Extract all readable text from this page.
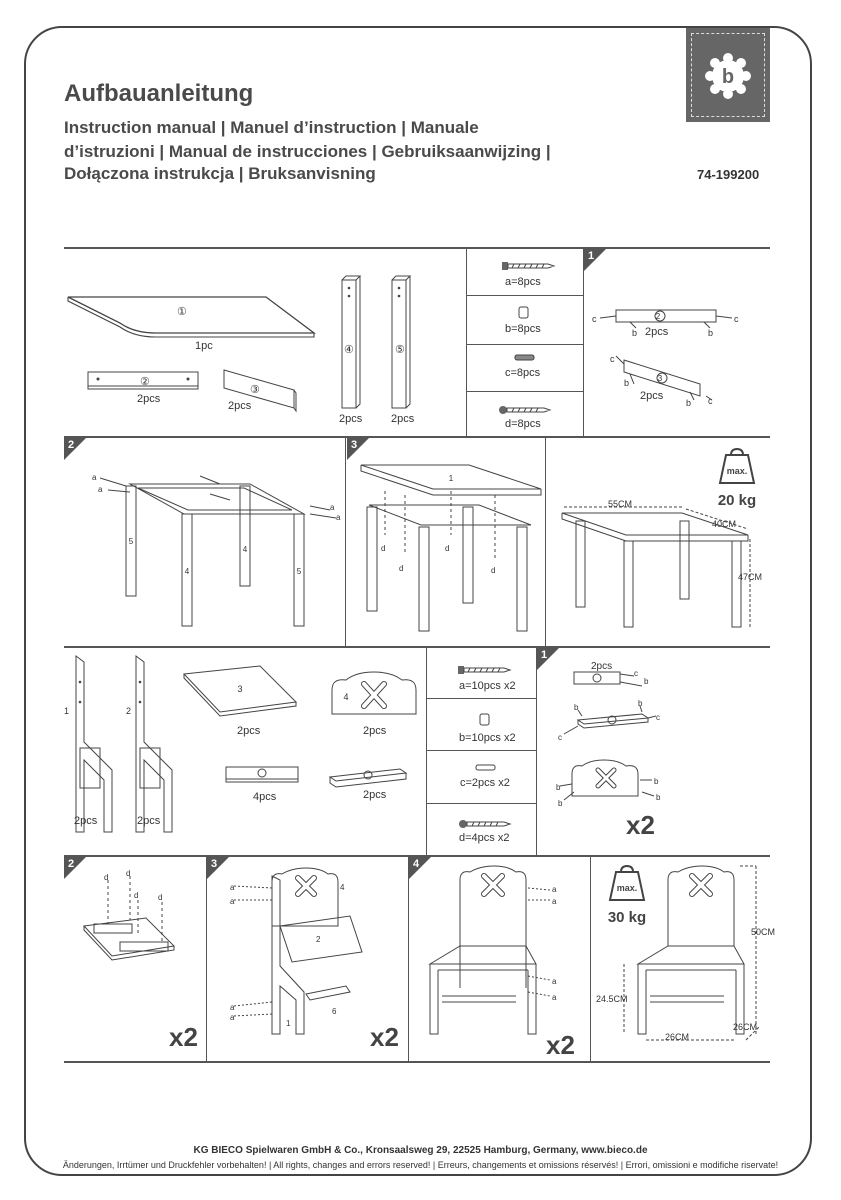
b
Aufbauanleitung
Instruction manual | Manuel d’instruction | Manuale
d’istruzioni | Manual de instrucciones | Gebruiksaanwijzing |
Dołączona instrukcja | Bruksanvisning	74-199200
①
1pc
②
2pcs
③
2pcs
④	⑤
2pcs	2pcs
a=8pcs
b=8pcs
c=8pcs
d=8pcs
1
c	c
b	b
2
3
c
c
b
b
2pcs
2pcs
2
a
a
a
a
5
4	5
4
3
1
d
d
d
d
max.
20 kg
55CM
40CM
47CM
1	2
2pcs	2pcs
3
2pcs
4
2pcs
4pcs	2pcs
a=10pcs x2
b=10pcs x2
c=2pcs x2
d=4pcs x2
1
b
c
c
c
b	b
b
b
b
b
2pcs
x2
2
d d
d d
x2
3
2
4
1
6
a
a
a
a
x2
4
a
a
a
a
x2
max.
30 kg
50CM
24.5CM
26CM
26CM
KG BIECO Spielwaren GmbH & Co., Kronsaalsweg 29, 22525 Hamburg, Germany, www.bieco.de
Änderungen, Irrtümer und Druckfehler vorbehalten! | All rights, changes and errors reserved! | Erreurs, changements et omissions réservés! | Errori, omissioni e modifiche riservate!
